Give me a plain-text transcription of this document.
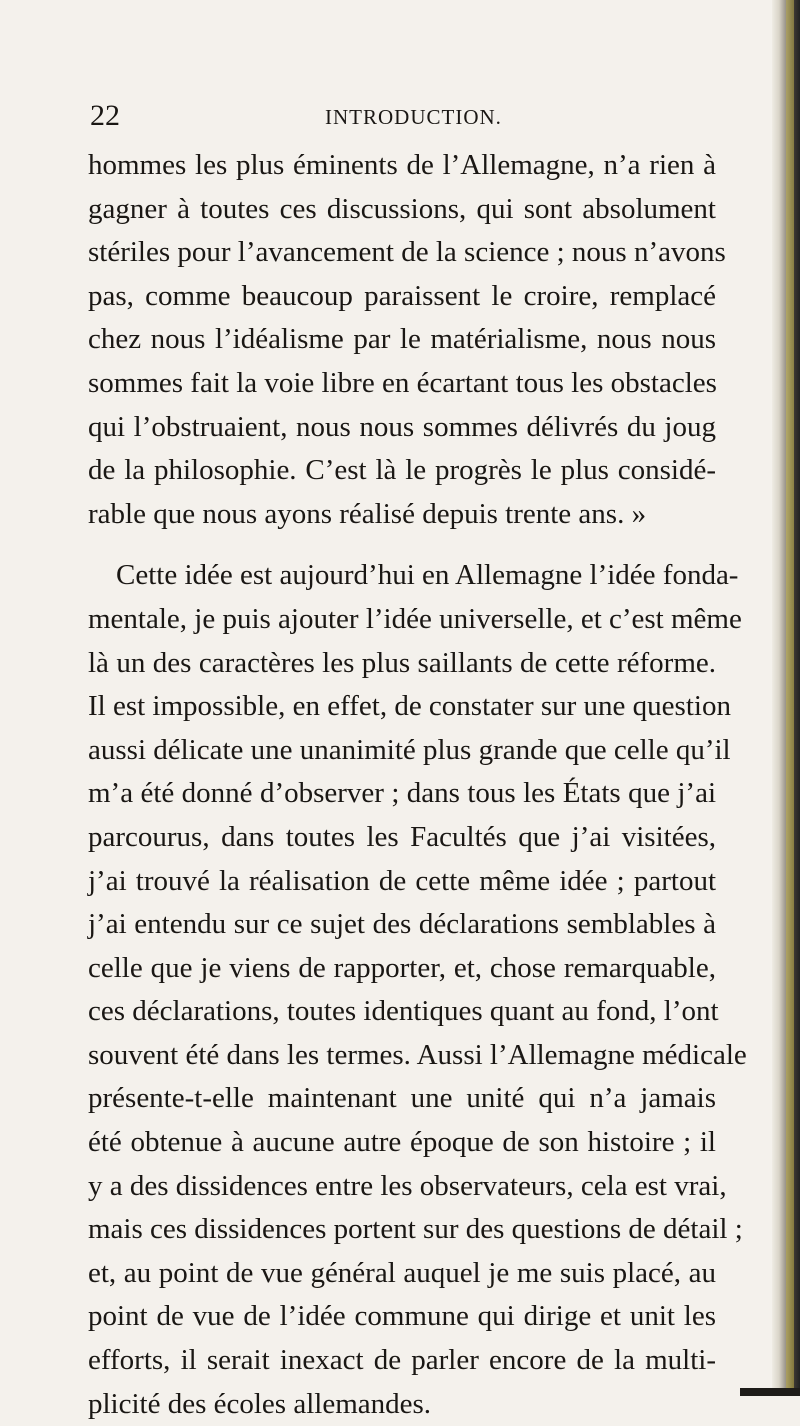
22	INTRODUCTION.
hommes les plus éminents de l’Allemagne, n’a rien à
gagner à toutes ces discussions, qui sont absolument
stériles pour l’avancement de la science ; nous n’avons
pas, comme beaucoup paraissent le croire, remplacé
chez nous l’idéalisme par le matérialisme, nous nous
sommes fait la voie libre en écartant tous les obstacles
qui l’obstruaient, nous nous sommes délivrés du joug
de la philosophie. C’est là le progrès le plus considé-
rable que nous ayons réalisé depuis trente ans. »
Cette idée est aujourd’hui en Allemagne l’idée fonda-
mentale, je puis ajouter l’idée universelle, et c’est même
là un des caractères les plus saillants de cette réforme.
Il est impossible, en effet, de constater sur une question
aussi délicate une unanimité plus grande que celle qu’il
m’a été donné d’observer ; dans tous les États que j’ai
parcourus, dans toutes les Facultés que j’ai visitées,
j’ai trouvé la réalisation de cette même idée ; partout
j’ai entendu sur ce sujet des déclarations semblables à
celle que je viens de rapporter, et, chose remarquable,
ces déclarations, toutes identiques quant au fond, l’ont
souvent été dans les termes. Aussi l’Allemagne médicale
présente-t-elle maintenant une unité qui n’a jamais
été obtenue à aucune autre époque de son histoire ; il
y a des dissidences entre les observateurs, cela est vrai,
mais ces dissidences portent sur des questions de détail ;
et, au point de vue général auquel je me suis placé, au
point de vue de l’idée commune qui dirige et unit les
efforts, il serait inexact de parler encore de la multi-
plicité des écoles allemandes.
